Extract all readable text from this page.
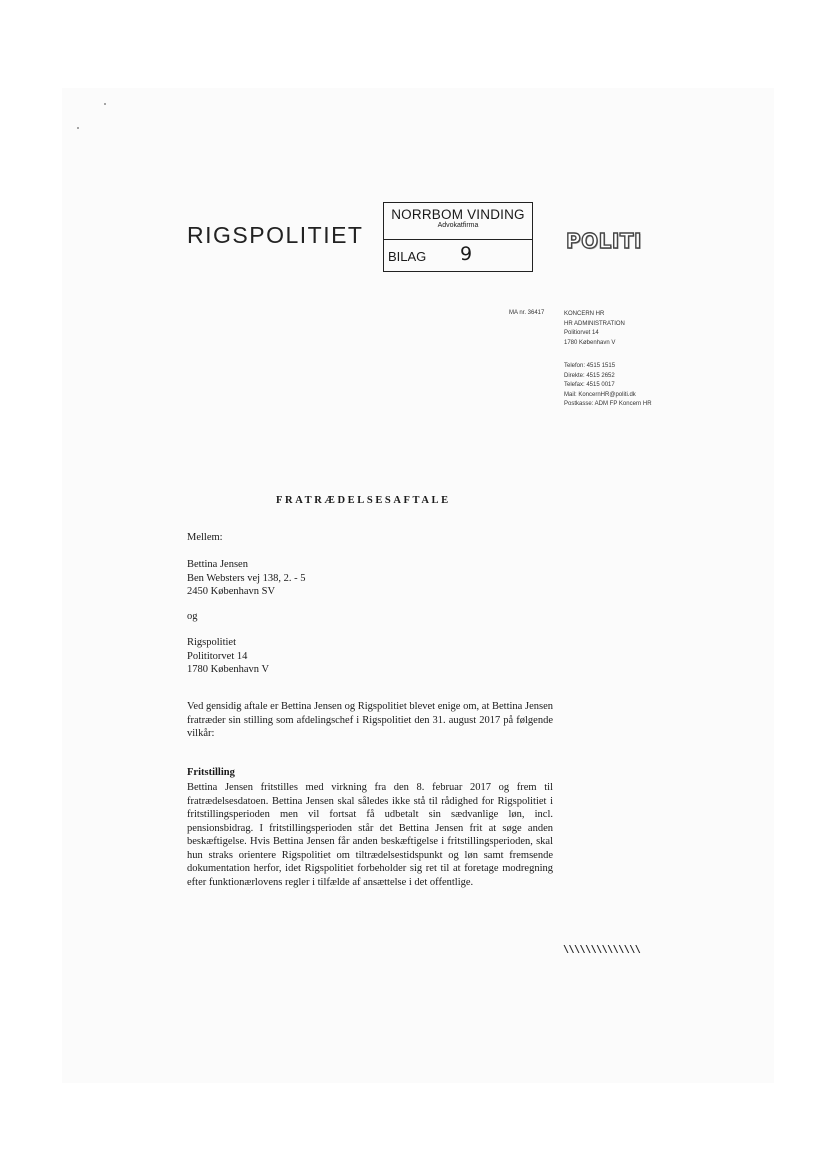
RIGSPOLITIET
NORRBOM VINDING
Advokatfirma
BILAG 9
POLITI
MA nr. 36417	KONCERN HR
HR ADMINISTRATION
Politiorvet 14
1780 København V
Telefon: 4515 1515
Direkte: 4515 2652
Telefax: 4515 0017
Mail: KoncernHR@politi.dk
Postkasse: ADM FP Koncern HR
FRATRÆDELSESAFTALE
Mellem:
Bettina Jensen
Ben Websters vej 138, 2. - 5
2450 København SV
og
Rigspolitiet
Polititorvet 14
1780 København V
Ved gensidig aftale er Bettina Jensen og Rigspolitiet blevet enige om, at Bettina Jensen fratræder sin stilling som afdelingschef i Rigspolitiet den 31. august 2017 på følgende vilkår:
Fritstilling
Bettina Jensen fritstilles med virkning fra den 8. februar 2017 og frem til fratrædelsesdatoen. Bettina Jensen skal således ikke stå til rådighed for Rigspolitiet i fritstillingsperioden men vil fortsat få udbetalt sin sædvanlige løn, incl. pensionsbidrag. I fritstillingsperioden står det Bettina Jensen frit at søge anden beskæftigelse. Hvis Bettina Jensen får anden beskæftigelse i fritstillingsperioden, skal hun straks orientere Rigspolitiet om tiltrædelsestidspunkt og løn samt fremsende dokumentation herfor, idet Rigspolitiet forbeholder sig ret til at foretage modregning efter funktionærlovens regler i tilfælde af ansættelse i det offentlige.
\\\\\\\\\\\\\\
